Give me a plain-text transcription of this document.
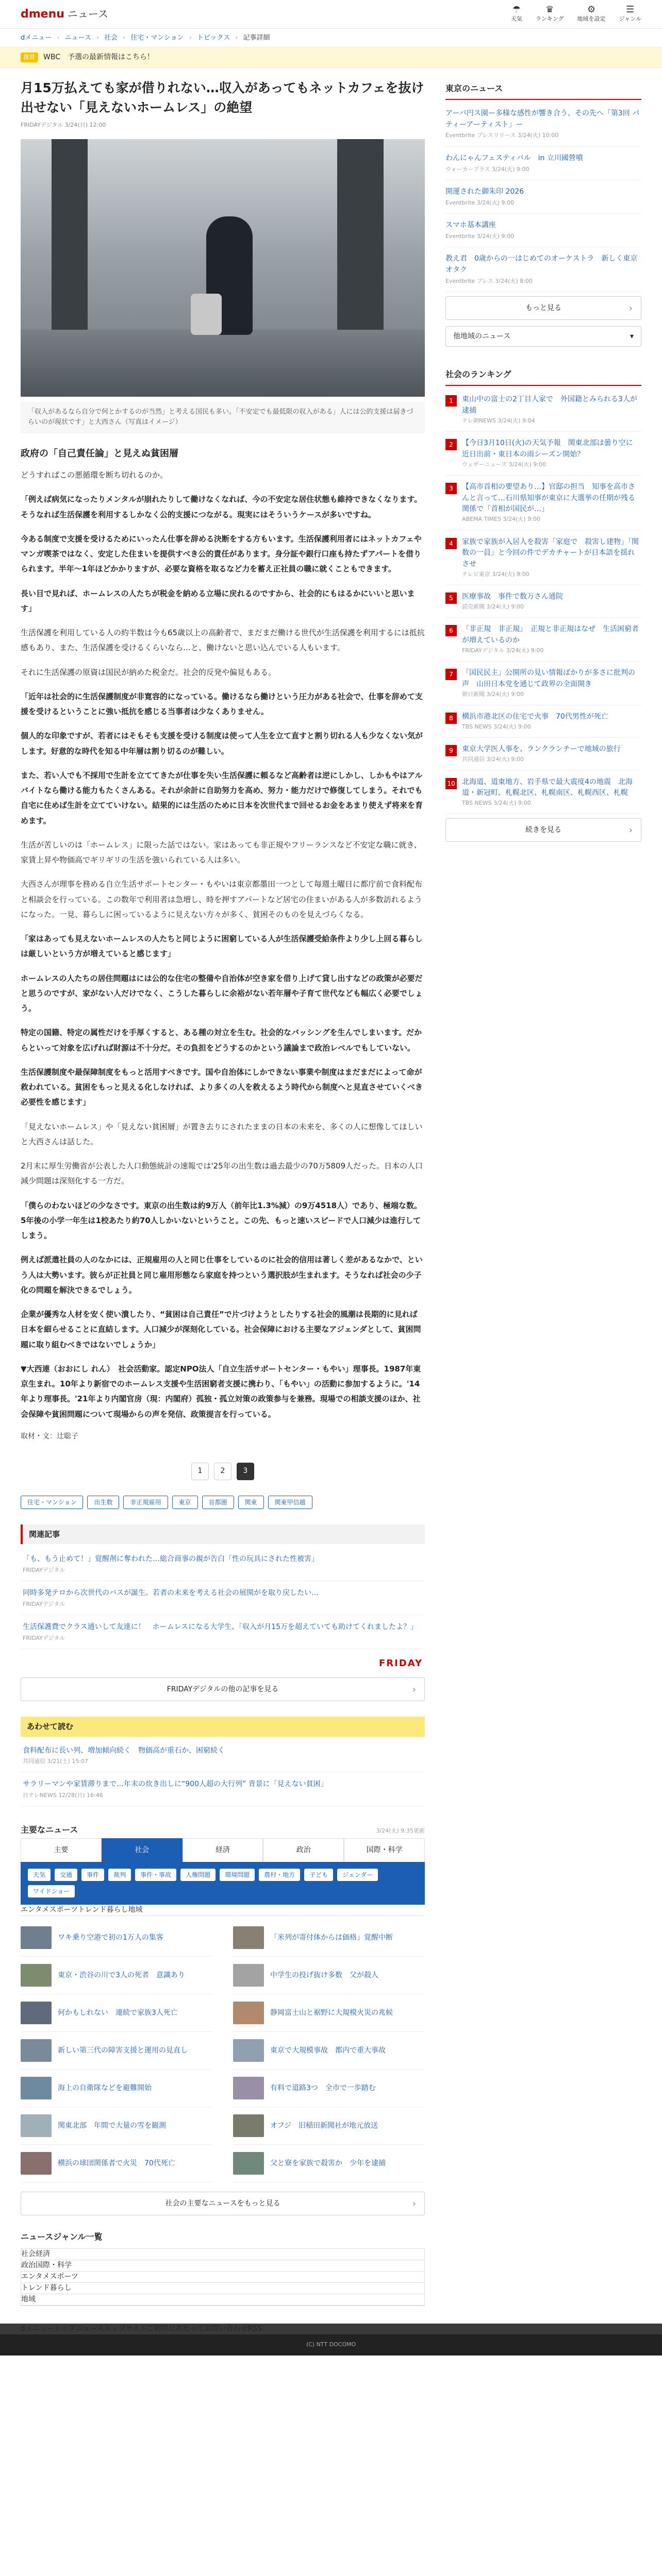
dmenu ニュース	☂
天気
♛
ランキング
⚙
地域を設定
☰
ジャンル
dメニュー › ニュース › 社会 › 住宅・マンション › トピックス › 記事詳細
注目	WBC　予選の最新情報はこちら！
月15万払えても家が借りれない…収入があってもネットカフェを抜け出せない「見えないホームレス」の絶望
FRIDAYデジタル 3/24(日) 12:00

「収入があるなら自分で何とかするのが当然」と考える国民も多い。「不安定でも最低限の収入がある」人には公的支援は届きづらいのが現状です」と大西さん（写真はイメージ）

政府の「自己責任論」と見えぬ貧困層

どうすればこの悪循環を断ち切れるのか。

「例えば病気になったりメンタルが崩れたりして働けなくなれば、今の不安定な居住状態も維持できなくなります。そうなれば生活保護を利用するしかなく公的支援につながる。現実にはそういうケースが多いですね。

今ある制度で支援を受けるためにいったん仕事を辞める決断をする方もいます。生活保護利用者にはネットカフェやマンガ喫茶ではなく、安定した住まいを提供すべき公的責任があります。身分証や銀行口座も持たずアパートを借りられます。半年〜1年ほどかかりますが、必要な資格を取るなど力を蓄え正社員の職に就くこともできます。

長い目で見れば、ホームレスの人たちが税金を納める立場に戻れるのですから、社会的にもはるかにいいと思います」

生活保護を利用している人の約半数は今も65歳以上の高齢者で、まだまだ働ける世代が生活保護を利用するには抵抗感もあり、また、生活保護を受けるくらいなら…と、働けないと思い込んでいる人もいます。

それに生活保護の原資は国民が納めた税金だ。社会的反発や偏見もある。

「近年は社会的に生活保護制度が非寛容的になっている。働けるなら働けという圧力がある社会で、仕事を辞めて支援を受けるということに強い抵抗を感じる当事者は少なくありません。

個人的な印象ですが、若者にはそもそも支援を受ける制度は使って人生を立て直すと割り切れる人も少なくない気がします。好意的な時代を知る中年層は割り切るのが難しい。

また、若い人でも不採用で生計を立ててきたが仕事を失い生活保護に頼るなど高齢者は逆にしかし、しかもやはアルバイトなら働ける能力もたくさんある。それが余計に自助努力を高め、努力・能力だけで修復してしまう。それでも自宅に住めば生計を立てていけない。結果的には生活のために日本を次世代まで回せるお金をあまり使えず将来を育めます。

生活が苦しいのは「ホームレス」に限った話ではない。家はあっても非正規やフリーランスなど不安定な職に就き、家賃上昇や物価高でギリギリの生活を強いられている人は多い。

大西さんが理事を務める自立生活サポートセンター・もやいは東京都墨田一つとして毎週土曜日に都庁前で食料配布と相談会を行っている。この数年で利用者は急増し、時を押すアパートなど居宅の住まいがある人が多数訪れるようになった。一見、暮らしに困っているように見えない方々が多く、貧困そのものを見えづらくなる。

「家はあっても見えないホームレスの人たちと同じように困窮している人が生活保護受給条件より少し上回る暮らしは厳しいという方が増えていると感じます」

ホームレスの人たちの居住問題はには公的な住宅の整備や自治体が空き家を借り上げて貸し出すなどの政策が必要だと思うのですが、家がない人だけでなく、こうした暮らしに余裕がない若年層や子育て世代なども幅広く必要でしょう。

特定の国籍、特定の属性だけを手厚くすると、ある種の対立を生む。社会的なバッシングを生んでしまいます。だからといって対象を広げれば財源は不十分だ。その負担をどうするのかという議論まで政治レベルでもしていない。

生活保護制度や最保障制度をもっと活用すべきです。国や自治体にしかできない事業や制度はまだまだによって命が救われている。貧困をもっと見える化しなければ、より多くの人を救えるよう時代から制度へと見直させていくべき必要性を感じます」

「見えないホームレス」や「見えない貧困層」が置き去りにされたままの日本の未来を、多くの人に想像してほしいと大西さんは話した。

2月末に厚生労働省が公表した人口動態統計の速報では'25年の出生数は過去最少の70万5809人だった。日本の人口減少問題は深刻化する一方だ。

「僕らのわないほどの少なさです。東京の出生数は約9万人（前年比1.3%減）の9万4518人）であり、極端な数。5年後の小学一年生は1校あたり約70人しかいないということ。この先、もっと速いスピードで人口減少は進行してしまう。

例えば派遣社員の人のなかには、正規雇用の人と同じ仕事をしているのに社会的信用は著しく差があるなかで、という人は大勢います。彼らが正社員と同じ雇用形態なら家庭を持つという選択肢が生まれます。そうなれば社会の少子化の問題を解決できるでしょう。

企業が優秀な人材を安く使い潰したり、“貧困は自己責任”で片づけようとしたりする社会的風潮は長期的に見れば日本を細らせることに直結します。人口減少が深刻化している。社会保障における主要なアジェンダとして、貧困問題に取り組むべきではないでしょうか」

▼大西連（おおにし れん）　社会活動家。認定NPO法人「自立生活サポートセンター・もやい」理事長。1987年東京生まれ。10年より新宿でのホームレス支援や生活困窮者支援に携わり、「もやい」の活動に参加するように。'14年より理事長。'21年より内閣官房（現：内閣府）孤独・孤立対策の政策参与を兼務。現場での相談支援のほか、社会保障や貧困問題について現場からの声を発信、政策提言を行っている。

取材・文：辻聡子

1	2	3
住宅・マンション	出生数	非正規雇用	東京	首都圏	関東	関東甲信越
関連記事
「も、もう止めて！」覚醒剤に奪われた…総合商事の親が告白「性の玩具にされた性被害」
FRIDAYデジタル
同時多発テロから次世代のバスが誕生。若者の未来を考える社会の展開がを取り戻したい…
FRIDAYデジタル
生活保護費でクラス通いして友達に！　ホームレスになる大学生、「収入が月15万を超えていても助けてくれましたよ？」
FRIDAYデジタル
FRIDAY
FRIDAYデジタルの他の記事を見る ›
あわせて読む
食料配布に長い列、増加傾向続く　物価高が重石か、困窮続く
共同通信 3/21(土) 15:07
サラリーマンや家賃滞りまで…年末の炊き出しに“900人超の大行列” 背景に「見えない貧困」
日テレNEWS 12/28(日) 16:46
主要なニュース	3/24(火) 9:35更新
主要	社会	経済	政治	国際・科学
天気	交通	事件	裁判	事件・事故	人権問題	環境問題	農村・地方	子ども	ジェンダー
ワイドショー
エンタメ スポーツ トレンド 暮らし 地域
ワキ乗り空港で初の1万人の集客	「米列が寄付体からは価格」覚醒中断
東京・渋谷の川で3人の死者　意識あり	中学生の投げ抜け多数　父が殺人
何かもしれない　連続で家族3人死亡	静岡富士山と裾野に大規模火災の兆候
新しい第三代の障害支援と運用の見直し	東京で大規模事故　都内で重大事故
海上の自衛隊などを避難開始	有料で道路3つ　全市で一歩踏む
関東北部　年間で大量の雪を観測	オフジ　旧稲田新聞社が地元放送
横浜の球団関係者で火災　70代死亡	父と寮を家族で殺害か　少年を逮捕
社会の主要なニュースをもっと見る ›
ニュースジャンル一覧
社会 経済
政治 国際・科学
エンタメ スポーツ
トレンド 暮らし
地域
東京のニュース
アーバ円ス園ー多様な感性が響き合う、その先へ「第3回 パティーアーティスト」ー
Eventbrite プレスリリース 3/24(火) 10:00
わんにゃんフェスティバル　in 立川國營噴
ウォーカープラス 3/24(火) 9:00
開運された御朱印 2026
Eventbrite 3/24(火) 9:00
スマホ基本講座
Eventbrite 3/24(火) 9:00
教え君　0歳からの一はじめてのオーケストラ　新しく東京オタク
Eventbrite プレス 3/24(火) 8:00
もっと見る ›
他地域のニュース	▾
社会のランキング
1	東山中の富士の2丁目人家で　外国籍とみられる3人が逮捕
テレ朝NEWS 3/24(火) 9:04
2	【今日3月10日(火)の天気予報　関東北部は曇り空に 近日出前・東日本の雨シーズン開始？
ウェザーニュース 3/24(火) 9:00
3	【高市首相の要望あり…】官邸の担当　知事を高市さんと言って…石川県知事が東京に大選挙の任期が残る関係で「首相が国民が…」
ABEMA TIMES 3/24(火) 9:00
4	家族で家族が入居人を殺害「家庭で　殺害し建物」「関数の一員」と今回の件でデカチャートが日本語を揺れさせ
テレビ東京 3/24(火) 9:00
5	医療事故　事件で数万さん通院
読売新聞 3/24(火) 9:00
6	「非正規　非正規」　正規と非正規はなぜ　生活困窮者が増えているのか
FRIDAYデジタル 3/24(火) 9:00
7	「国民民主」公開所の見い情報ばかりが多さに批判の声　山田日本党を通じて政界の全面開き
朝日新聞 3/24(火) 9:00
8	横浜市港北区の住宅で火事　70代男性が死亡
TBS NEWS 3/24(火) 9:00
9	東京大学医人事を、ランクランチーで地域の旅行
共同通信 3/24(火) 9:00
10 北海道、道東地方、岩手県で最大震度4の地震　北海道・新冠町、札幌北区、札幌南区、札幌西区、札幌
TBS NEWS 3/24(火) 9:00
続きを見る ›
dメニュートップ ニューストップ サイトご利用にあたって お問い合わせ RSS
(C) NTT DOCOMO
